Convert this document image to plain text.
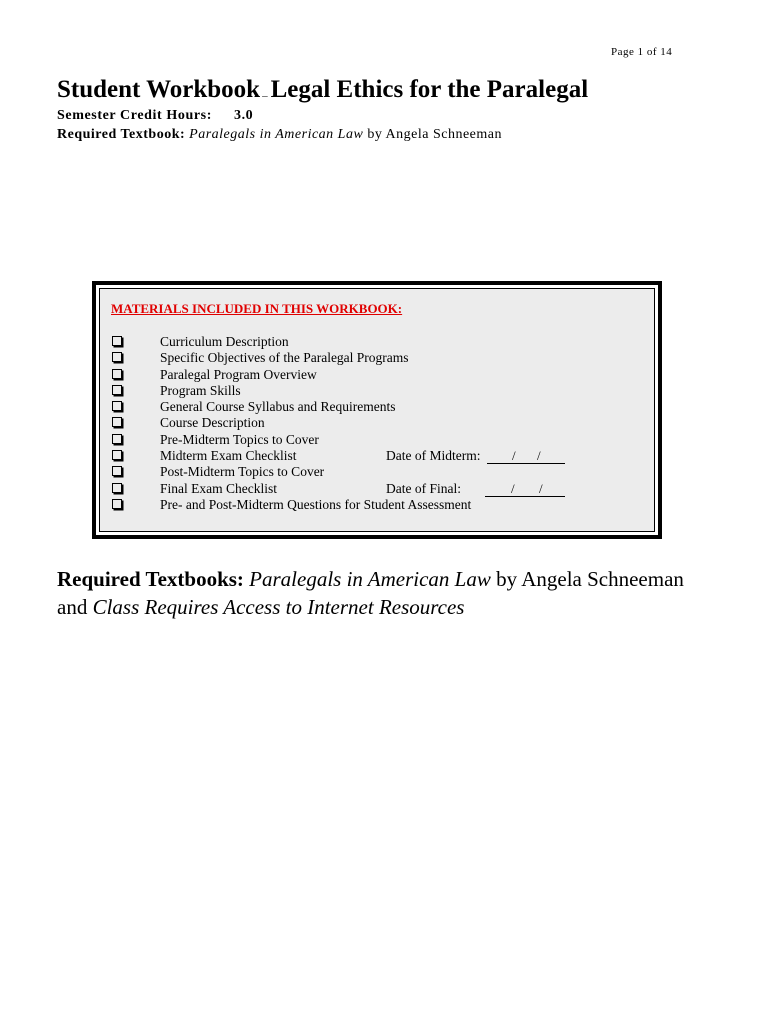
Page 1 of 14
Student Workbook – Legal Ethics for the Paralegal
Semester Credit Hours: 3.0
Required Textbook: Paralegals in American Law by Angela Schneeman
MATERIALS INCLUDED IN THIS WORKBOOK:
Curriculum Description
Specific Objectives of the Paralegal Programs
Paralegal Program Overview
Program Skills
General Course Syllabus and Requirements
Course Description
Pre-Midterm Topics to Cover
Midterm Exam Checklist	Date of Midterm: / /
Post-Midterm Topics to Cover
Final Exam Checklist	Date of Final:	/ /
Pre- and Post-Midterm Questions for Student Assessment
Required Textbooks: Paralegals in American Law by Angela Schneeman and Class Requires Access to Internet Resources
